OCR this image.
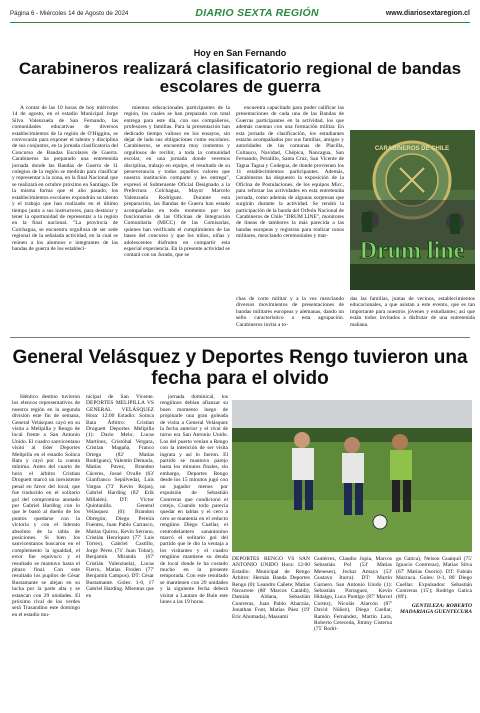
Página 6 - Miércoles 14 de Agosto de 2024	DIARIO SEXTA REGIÓN	www.diariosextaregion.cl
Hoy en San Fernando
Carabineros realizará clasificatorio regional de bandas escolares de guerra

A contar de las 10 horas de hoy miércoles 14 de agosto, en el estadio Municipal Jorge Silva Valenzuela de San Fernando, las comunidades educativas de diversos establecimientos de la región de O'Higgins, se convocarán para exponer el talento y disciplina de sus conjuntos, en la jornada clasificatoria del Concurso de Bandas Escolares de Guerra. Carabineros ha preparado una entretenida jornada donde las Bandas de Guerra de 11 colegios de la región se medirán para clasificar y representar a la zona, en la final Nacional que se realizará en octubre próximo en Santiago. De la misma forma que el año pasado, los establecimientos escolares expondrán su talento y el trabajo que han realizado en el último tiempo junto a sus instructores, para destacar y tener la oportunidad de representar a la región en la final nacional. "La provincia de Colchagua, se encuentra orgullosa de ser sede regional de la señalada actividad, en la cual se reúnen a los alumnos e integrantes de las bandas de guerra de los estableci-

mientos educacionales participantes de la región, los cuales se han preparado con total entrega para este día, con sus compañeros, profesores y familias. Para la presentación han dedicado tiempo valioso en los ensayos, sin dejar de lado sus obligaciones como escolares. Carabineros, se encuentra muy contentos y orgullosos de recibir, a toda la comunidad escolar, en una jornada donde veremos disciplina, trabajo en equipo, el resultado de su perseverancia y todos aquellos valores que nuestra institución comparte y les entrega", expresó el Subteniente Oficial Designado a la Prefectura Colchagua, Mayor Marcelo Valenzuela Rodríguez. Durante esta preparación, las Bandas de Guerra han estado acompañadas en todo momento por los funcionarios de las Oficinas de Integración Comunitaria (MICC) de las Comisarías, quienes han verificado el cumplimiento de las bases del concurso y que los niños, niñas y adolescentes disfruten en compartir esta especial experiencia. En la presente actividad se contará con un Jurado, que se

encuentra capacitado para poder calificar las presentaciones de cada una de las Bandas de Guerras participantes en la actividad, los que además cuentan con una formación militar. En esta jornada de clasificación, los estudiantes estarán acompañados por sus familias, amigos y autoridades de las comunas de Placilla, Coltauco, Navidad, Chépica, Nancagua, San Fernando, Peralillo, Santa Cruz, San Vicente de Tagua Tagua y Codegua, de donde provienen los 11 establecimientos participantes. Además, Carabineros ha dispuesto la exposición de la Oficina de Postulaciones, de los equipos Micc, para reforzar las actividades en esta entretenida jornada, como además de algunas sorpresas que surgirán durante la actividad. Se tendrá la participación de la banda del Orfeón Nacional de Carabineros de Chile "DRUM LINE", monitores de líneas de tambores la más parecida a las bandas europeas y registran para realizar tonos militares, mezclando ceremoniales y mar-

chas de corte militar y a la vez mezclando diversos movimientos de presentaciones de bandas militares europeas y alemanas, dando un sello característico a esta agrupación. Carabineros invita a to-

das las familias, juntas de vecinos, establecimientos educacionales, a que asistan a este evento, que es tan importante para nuestros jóvenes y estudiantes; así que están todos invitados a disfrutar de una entretenida mañana.

CARABINEROS DE CHILE
Drum line
General Velásquez y Deportes Rengo tuvieron una fecha para el olvido

Idéntico destino tuvieron los elencos representativos de nuestra región en la segunda división este fin de semana, General Velásquez cayó en su visita a Melipilla y Rengo de local frente a San Antonio Unido. El cuadro sanvicentano visitó al líder Deportes Melipilla en el estadio Soinca Bata y cayó por la cuenta mínima. Antes del cuarto de hora el árbitro Cristian Droguett marcó un inexistente penal en favor del local, que fue traducido en el solitario gol del compromiso anotado por Gabriel Harding con lo que le bastó al dueño de los puntos quedarse con la victoria y con el liderato absoluto de la tabla de posiciones. Si bien los sanvicentanos buscaron en el complemento la igualdad, el error fue equivoco y el resultado se mantuvo hasta el pitazo final. Con este resultado los pupilos de César Bustamante se alejan en su lucha por la parte alta y se estancan con 29 unidades. El próximo rival de los verdes será Trasandino este domingo en el estadio mu-

nicipal de San Vicente. DEPORTES MELIPILLA VS GENERAL VELÁSQUEZ Hora: 12:00 Estadio: Soinca Bata Árbitro: Cristian Droguett Deportes Melipilla (1): Dario Melo; Lucas Martínez, Cristóbal Vergara, Cristian Magaña, Franco Ortega (82' Matías Rodríguez), Valentín Demaría, Matías Pavez, Brandon Cáceres, Josué Ovalle (63' Gianfranco Sepúlveda), Luis Vargas (73' Kevin Rojas), Gabriel Harding (82' Erik Millalén). DT: Víctor Quintanilla. General Velásquez (0): Brandon Obregón; Diego Pereira Fuentes, Juan Pablo Carrasco, Matías Quiroz, Kevin Serrano, Cristián Henríquez (77' Luis Torres), Gabriel Castillo, Jorge Pérez (71' Juan Tobar), Benjamín Miranda (67' Cristián Valenzuela), Lucas Fierro, Matías Froden (77' Benjamín Campos). DT: César Bustamante. Goles: 1-0, 17 Gabriel Harding. Mientras que en

jornada dominical, los rengüinos debían afianzar su buen momento luego de propinarle una gran goleada de visita a General Velásquez la fecha anterior y el rival de turno era San Antonio Unido. Los del puerto venían a Rengo con la intención de ser visita ingrata y así lo fueron. El partido se mantuvo parejo hasta los minutos finales, sin embargo, Deportes Rengo desde los 15 minutos jugó con un jugador menos por expulsión de Sebastián Contreras que condicionó el cotejo. Cuando todo parecía quedar en tablas y el cero a cero se mantenía en el reducto rengüino Diego Cuellar, el centrodelantero sanantonino marcó el solitario gol del partido que le dio la ventaja a los visitantes y el cuadro rengüino mantiene su deuda de local donde le ha costado mucho en la presente temporada. Con este resultado se mantienen con 29 unidades y la siguiente fecha deberá visitar a Lautaro de Buin este lunes a las 19 horas.

DEPORTES RENGO VS SAN ANTONIO UNIDO Hora: 12:00 Estadio: Municipal de Rengo Árbitro: Hernán Banda Deportes Rengo (0): Leandro Cañete; Matías Navarrete (88' Marcos Cataldi), Damián Aldana, Sebastián Contreras, Juan Pablo Abarzúa, Jonathan Font, Matías Páez (19' Eric Ahumada), Massami

Gutiérrez, Claudio Jopia, Marcos Sebastián Pol (53' Matías Meneses), Jeckar Amaya (53' Gustavo Iturra). DT: Martín Garnero. San Antonio Unido (1): Sebastián Parraguez, Kevin Hidalgo, Luca Pontigo (87' Marcel Cortez), Nicolás Alarcón (87' David Núñez), Diego Cuellar, Ramón Fernández, Martín Lara, Roberto Cereceda, Jimmy Cisterna (75' Rodri-

go Gatica), Nelson Guaiquil (75' Ignacio Contreras), Matías Silva (67' Matías Osorio). DT: Fabián Marzuca. Goles: 0-1, 86' Diego Cuellar. Expulsados: Sebastián Contreras (15'); Rodrigo Gatica (89').

GENTILEZA: ROBERTO MADARIAGA GUENTECURA
